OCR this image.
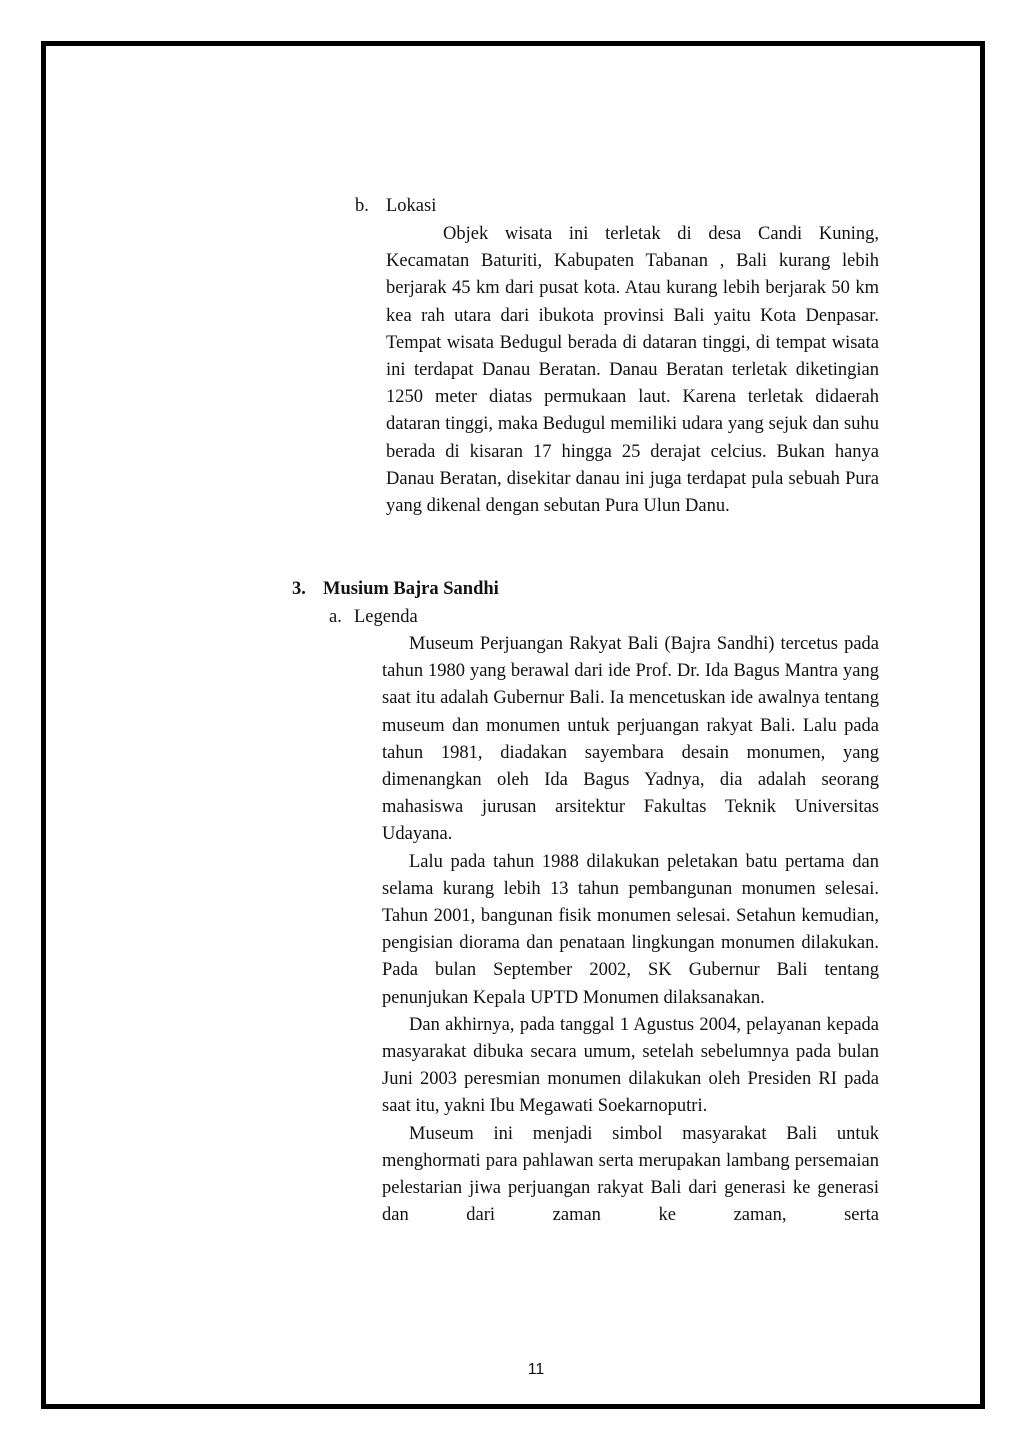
b. Lokasi

Objek wisata ini terletak di desa Candi Kuning, Kecamatan Baturiti, Kabupaten Tabanan , Bali kurang lebih berjarak 45 km dari pusat kota. Atau kurang lebih berjarak 50 km kea rah utara dari ibukota provinsi Bali yaitu Kota Denpasar. Tempat wisata Bedugul berada di dataran tinggi, di tempat wisata ini terdapat Danau Beratan. Danau Beratan terletak diketingian 1250 meter diatas permukaan laut. Karena terletak didaerah dataran tinggi, maka Bedugul memiliki udara yang sejuk dan suhu berada di kisaran 17 hingga 25 derajat celcius. Bukan hanya Danau Beratan, disekitar danau ini juga terdapat pula sebuah Pura yang dikenal dengan sebutan Pura Ulun Danu.

3. Musium Bajra Sandhi
a. Legenda

Museum Perjuangan Rakyat Bali (Bajra Sandhi) tercetus pada tahun 1980 yang berawal dari ide Prof. Dr. Ida Bagus Mantra yang saat itu adalah Gubernur Bali. Ia mencetuskan ide awalnya tentang museum dan monumen untuk perjuangan rakyat Bali. Lalu pada tahun 1981, diadakan sayembara desain monumen, yang dimenangkan oleh Ida Bagus Yadnya, dia adalah seorang mahasiswa jurusan arsitektur Fakultas Teknik Universitas Udayana.

Lalu pada tahun 1988 dilakukan peletakan batu pertama dan selama kurang lebih 13 tahun pembangunan monumen selesai. Tahun 2001, bangunan fisik monumen selesai. Setahun kemudian, pengisian diorama dan penataan lingkungan monumen dilakukan. Pada bulan September 2002, SK Gubernur Bali tentang penunjukan Kepala UPTD Monumen dilaksanakan.

Dan akhirnya, pada tanggal 1 Agustus 2004, pelayanan kepada masyarakat dibuka secara umum, setelah sebelumnya pada bulan Juni 2003 peresmian monumen dilakukan oleh Presiden RI pada saat itu, yakni Ibu Megawati Soekarnoputri.

Museum ini menjadi simbol masyarakat Bali untuk menghormati para pahlawan serta merupakan lambang persemaian pelestarian jiwa perjuangan rakyat Bali dari generasi ke generasi dan dari zaman ke zaman, serta

11
